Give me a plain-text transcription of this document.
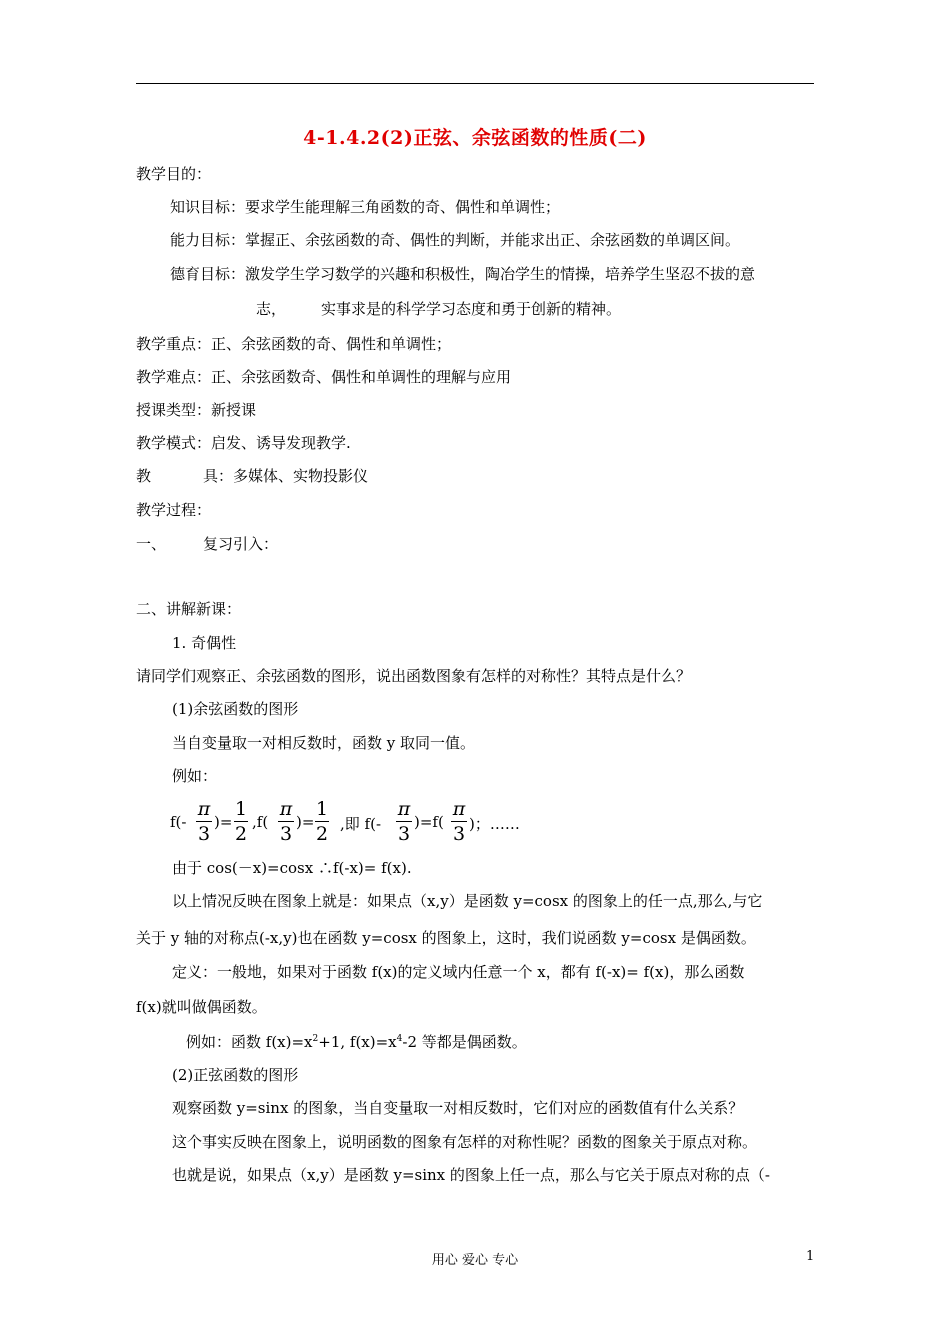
4-1.4.2(2)正弦、余弦函数的性质(二)
教学目的：
知识目标：要求学生能理解三角函数的奇、偶性和单调性；
能力目标：掌握正、余弦函数的奇、偶性的判断，并能求出正、余弦函数的单调区间。
德育目标：激发学生学习数学的兴趣和积极性，陶冶学生的情操，培养学生坚忍不拔的意
志， 实事求是的科学学习态度和勇于创新的精神。
教学重点：正、余弦函数的奇、偶性和单调性；
教学难点：正、余弦函数奇、偶性和单调性的理解与应用
授课类型：新授课
教学模式：启发、诱导发现教学.
教	具：多媒体、实物投影仪
教学过程：
一、 复习引入：
二、讲解新课：
1. 奇偶性
请同学们观察正、余弦函数的图形，说出函数图象有怎样的对称性？其特点是什么？
(1)余弦函数的图形
当自变量取一对相反数时，函数 y 取同一值。
例如：
f(-
π
3
)=
1
2
,f(
π
3
)=
1
2 ,即 f(-
π
3
)=f(
π
3 )；……
由于 cos(－x)=cosx ∴f(-x)= f(x).
以上情况反映在图象上就是：如果点（x,y）是函数 y=cosx 的图象上的任一点,那么,与它
关于 y 轴的对称点(-x,y)也在函数 y=cosx 的图象上，这时，我们说函数 y=cosx 是偶函数。
定义：一般地，如果对于函数 f(x)的定义域内任意一个 x，都有 f(-x)= f(x)，那么函数
f(x)就叫做偶函数。
例如：函数 $f(x)=x^2+1$, $f(x)=x^4-2$ 等都是偶函数。
(2)正弦函数的图形
观察函数 y=sinx 的图象，当自变量取一对相反数时，它们对应的函数值有什么关系？
这个事实反映在图象上，说明函数的图象有怎样的对称性呢？函数的图象关于原点对称。
也就是说，如果点（x,y）是函数 y=sinx 的图象上任一点，那么与它关于原点对称的点（-
用心 爱心 专心	1
